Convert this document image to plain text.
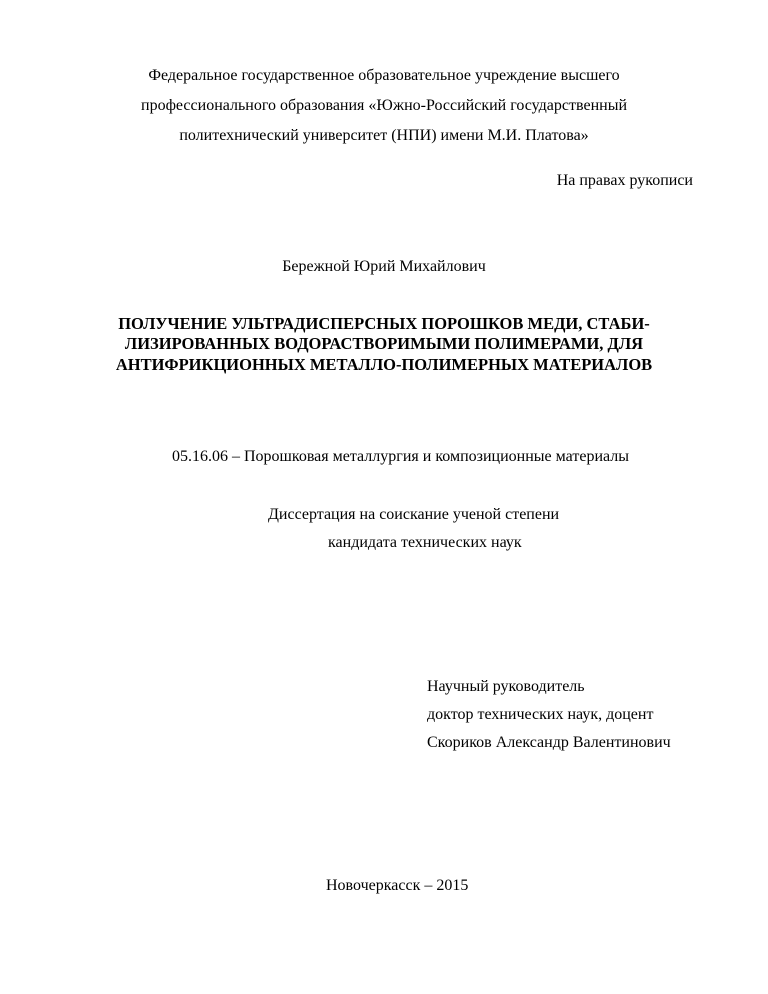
Федеральное государственное образовательное учреждение высшего
профессионального образования «Южно-Российский государственный
политехнический университет (НПИ) имени М.И. Платова»
На правах рукописи
Бережной Юрий Михайлович
ПОЛУЧЕНИЕ УЛЬТРАДИСПЕРСНЫХ ПОРОШКОВ МЕДИ, СТАБИ-
ЛИЗИРОВАННЫХ ВОДОРАСТВОРИМЫМИ ПОЛИМЕРАМИ, ДЛЯ
АНТИФРИКЦИОННЫХ МЕТАЛЛО-ПОЛИМЕРНЫХ МАТЕРИАЛОВ
05.16.06 – Порошковая металлургия и композиционные материалы
Диссертация на соискание ученой степени
кандидата технических наук
Научный руководитель
доктор технических наук, доцент
Скориков Александр Валентинович
Новочеркасск – 2015
